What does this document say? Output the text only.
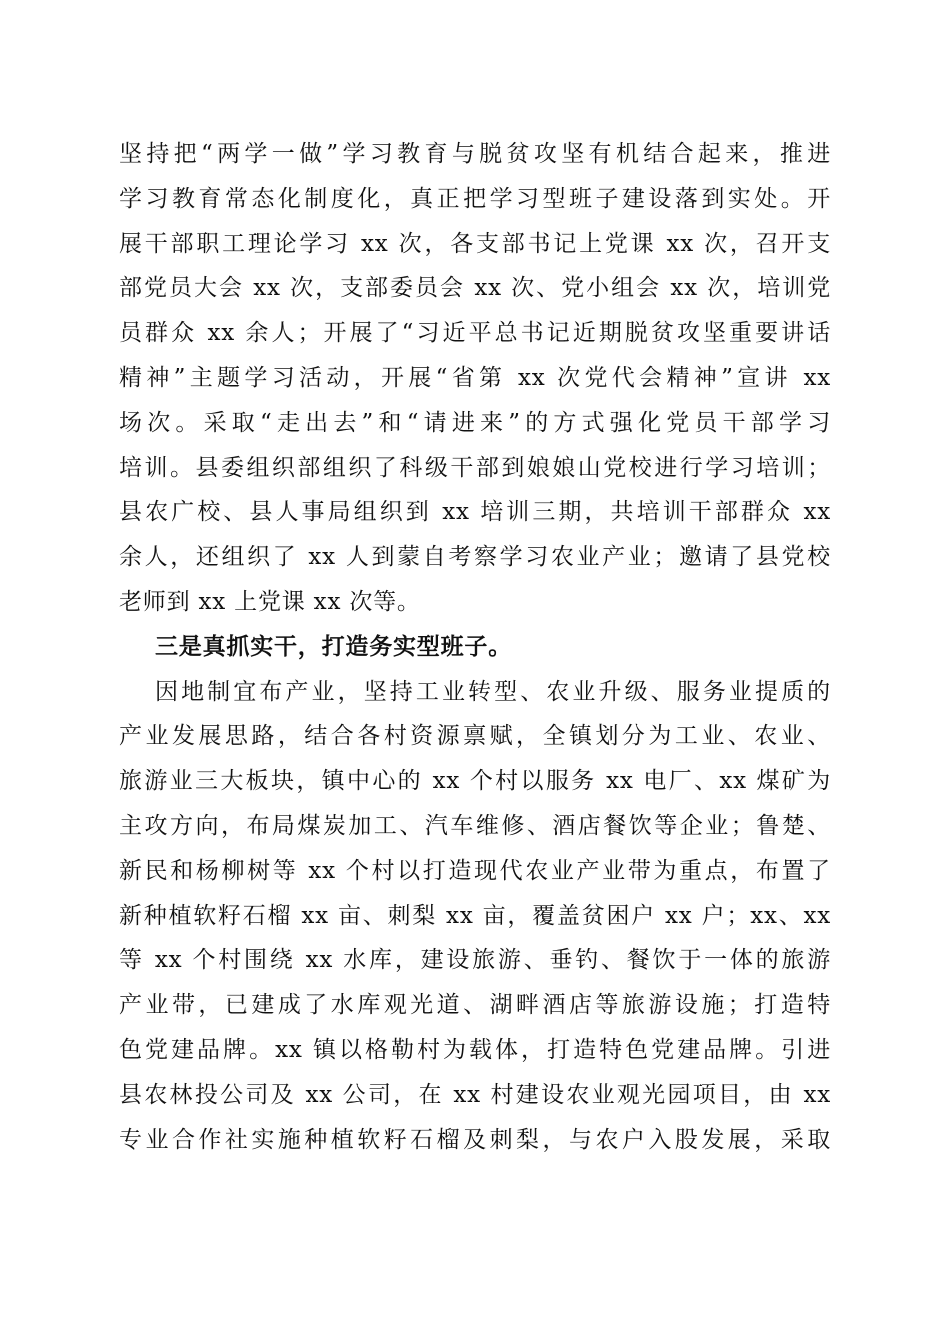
坚持把“两学一做”学习教育与脱贫攻坚有机结合起来，推进
学习教育常态化制度化，真正把学习型班子建设落到实处。开
展干部职工理论学习 xx 次，各支部书记上党课 xx 次，召开支
部党员大会 xx 次，支部委员会 xx 次、党小组会 xx 次，培训党
员群众 xx 余人；开展了“习近平总书记近期脱贫攻坚重要讲话
精神”主题学习活动，开展“省第 xx 次党代会精神”宣讲 xx
场次。采取“走出去”和“请进来”的方式强化党员干部学习
培训。县委组织部组织了科级干部到娘娘山党校进行学习培训；
县农广校、县人事局组织到 xx 培训三期，共培训干部群众 xx
余人，还组织了 xx 人到蒙自考察学习农业产业；邀请了县党校
老师到 xx 上党课 xx 次等。
三是真抓实干，打造务实型班子。
因地制宜布产业，坚持工业转型、农业升级、服务业提质的
产业发展思路，结合各村资源禀赋，全镇划分为工业、农业、
旅游业三大板块，镇中心的 xx 个村以服务 xx 电厂、xx 煤矿为
主攻方向，布局煤炭加工、汽车维修、酒店餐饮等企业；鲁楚、
新民和杨柳树等 xx 个村以打造现代农业产业带为重点，布置了
新种植软籽石榴 xx 亩、刺梨 xx 亩，覆盖贫困户 xx 户；xx、xx
等 xx 个村围绕 xx 水库，建设旅游、垂钓、餐饮于一体的旅游
产业带，已建成了水库观光道、湖畔酒店等旅游设施；打造特
色党建品牌。xx 镇以格勒村为载体，打造特色党建品牌。引进
县农林投公司及 xx 公司，在 xx 村建设农业观光园项目，由 xx
专业合作社实施种植软籽石榴及刺梨，与农户入股发展，采取
